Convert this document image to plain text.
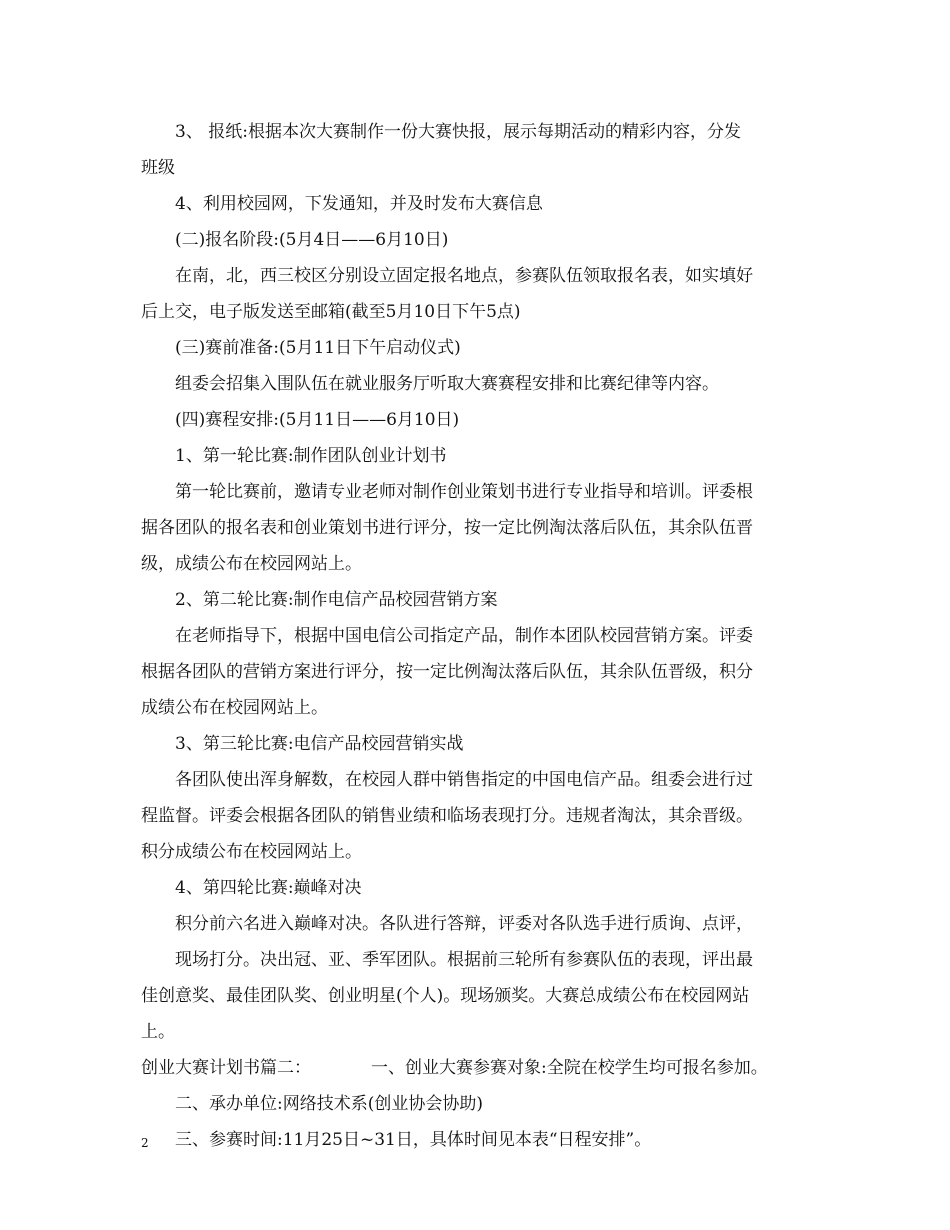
3、 报纸:根据本次大赛制作一份大赛快报，展示每期活动的精彩内容，分发
班级
4、利用校园网，下发通知，并及时发布大赛信息
(二)报名阶段:(5月4日——6月10日)
在南，北，西三校区分别设立固定报名地点，参赛队伍领取报名表，如实填好
后上交，电子版发送至邮箱(截至5月10日下午5点)
(三)赛前准备:(5月11日下午启动仪式)
组委会招集入围队伍在就业服务厅听取大赛赛程安排和比赛纪律等内容。
(四)赛程安排:(5月11日——6月10日)
1、第一轮比赛:制作团队创业计划书
第一轮比赛前，邀请专业老师对制作创业策划书进行专业指导和培训。评委根
据各团队的报名表和创业策划书进行评分，按一定比例淘汰落后队伍，其余队伍晋
级，成绩公布在校园网站上。
2、第二轮比赛:制作电信产品校园营销方案
在老师指导下，根据中国电信公司指定产品，制作本团队校园营销方案。评委
根据各团队的营销方案进行评分，按一定比例淘汰落后队伍，其余队伍晋级，积分
成绩公布在校园网站上。
3、第三轮比赛:电信产品校园营销实战
各团队使出浑身解数，在校园人群中销售指定的中国电信产品。组委会进行过
程监督。评委会根据各团队的销售业绩和临场表现打分。违规者淘汰，其余晋级。
积分成绩公布在校园网站上。
4、第四轮比赛:巅峰对决
积分前六名进入巅峰对决。各队进行答辩，评委对各队选手进行质询、点评，
现场打分。决出冠、亚、季军团队。根据前三轮所有参赛队伍的表现，评出最
佳创意奖、最佳团队奖、创业明星(个人)。现场颁奖。大赛总成绩公布在校园网站
上。
创业大赛计划书篇二：	一、创业大赛参赛对象:全院在校学生均可报名参加。
二、承办单位:网络技术系(创业协会协助)
三、参赛时间:11月25日~31日，具体时间见本表“日程安排”。
2
